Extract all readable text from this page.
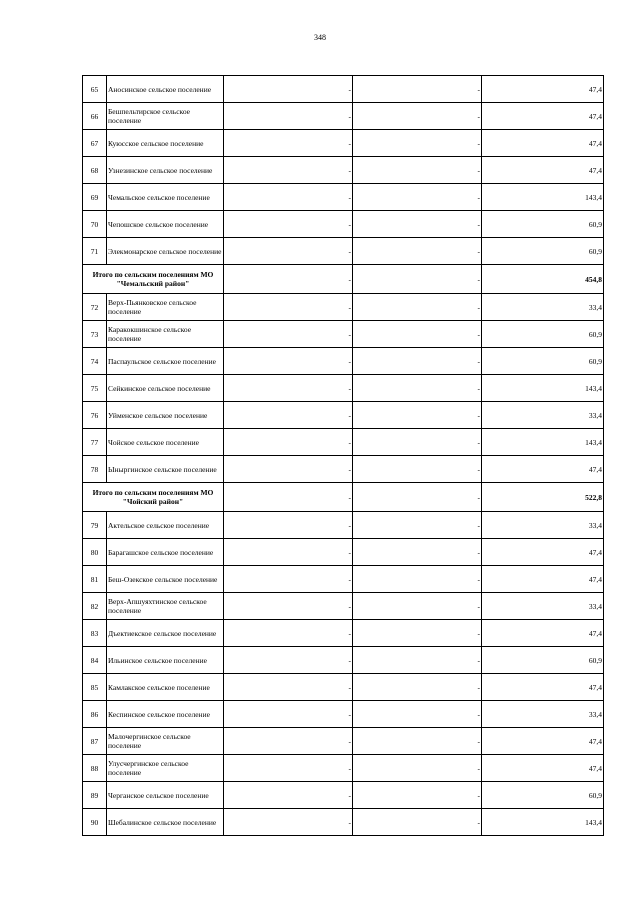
348
65	Аносинское сельское поселение	-	-	47,4
66	Бешпельтирское сельское поселение	-	-	47,4
67	Куюсское сельское поселение	-	-	47,4
68	Узнезинское сельское поселение	-	-	47,4
69	Чемальское сельское поселение	-	-	143,4
70	Чепошское сельское поселение	-	-	60,9
71	Элекмонарское сельское поселение	-	-	60,9
Итого по сельским поселениям МО "Чемальский район"		-	-	454,8
72	Верх-Пьянковское сельское поселение	-	-	33,4
73	Каракокшинское сельское поселение	-	-	60,9
74	Паспаульское сельское поселение	-	-	60,9
75	Сейкинское сельское поселение	-	-	143,4
76	Уйменское сельское поселение	-	-	33,4
77	Чойское сельское поселение	-	-	143,4
78	Ыныргинское сельское поселение	-	-	47,4
Итого по сельским поселениям МО "Чойский район"		-	-	522,8
79	Актельское сельское поселение	-	-	33,4
80	Барагашское сельское поселение	-	-	47,4
81	Беш-Озекское сельское поселение	-	-	47,4
82	Верх-Апшуяхтинское сельское поселение	-	-	33,4
83	Дъектиекское сельское поселение	-	-	47,4
84	Ильинское сельское поселение	-	-	60,9
85	Камлакское сельское поселение	-	-	47,4
86	Кеспинское сельское поселение	-	-	33,4
87	Малочергинское сельское поселение	-	-	47,4
88	Улусчергинское сельское поселение	-	-	47,4
89	Черганское сельское поселение	-	-	60,9
90	Шебалинское сельское поселение	-	-	143,4
